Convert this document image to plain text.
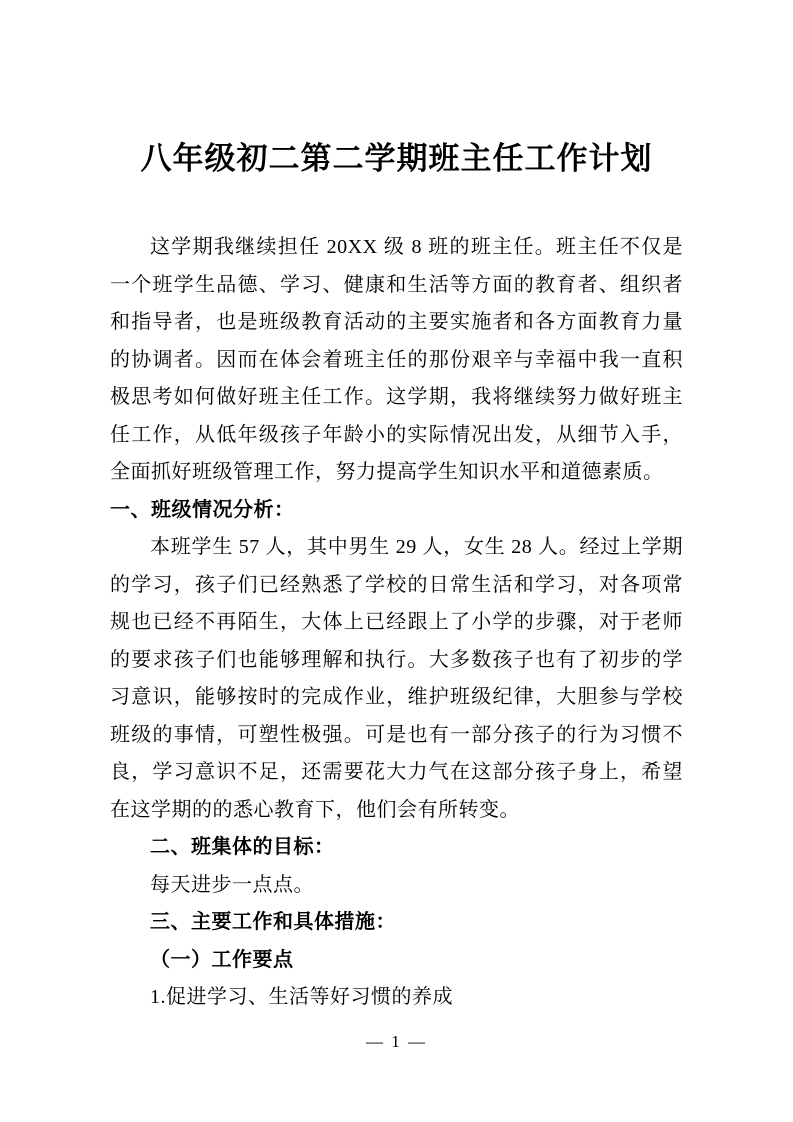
八年级初二第二学期班主任工作计划

这学期我继续担任 20XX 级 8 班的班主任。班主任不仅是一个班学生品德、学习、健康和生活等方面的教育者、组织者和指导者，也是班级教育活动的主要实施者和各方面教育力量的协调者。因而在体会着班主任的那份艰辛与幸福中我一直积极思考如何做好班主任工作。这学期，我将继续努力做好班主任工作，从低年级孩子年龄小的实际情况出发，从细节入手，全面抓好班级管理工作，努力提高学生知识水平和道德素质。

一、班级情况分析：

本班学生 57 人，其中男生 29 人，女生 28 人。经过上学期的学习，孩子们已经熟悉了学校的日常生活和学习，对各项常规也已经不再陌生，大体上已经跟上了小学的步骤，对于老师的要求孩子们也能够理解和执行。大多数孩子也有了初步的学习意识，能够按时的完成作业，维护班级纪律，大胆参与学校班级的事情，可塑性极强。可是也有一部分孩子的行为习惯不良，学习意识不足，还需要花大力气在这部分孩子身上，希望在这学期的的悉心教育下，他们会有所转变。

二、班集体的目标：

每天进步一点点。

三、主要工作和具体措施：

（一）工作要点

1.促进学习、生活等好习惯的养成

— 1 —
